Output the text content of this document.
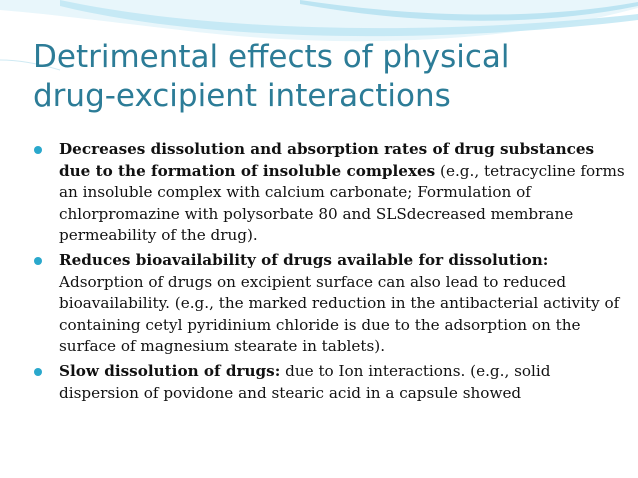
Detrimental effects of physical
drug-excipient interactions
Decreases dissolution and absorption rates of drug substances due to the formation of insoluble complexes (e.g., tetracycline forms an insoluble complex with calcium carbonate; Formulation of chlorpromazine with polysorbate 80 and SLSdecreased membrane permeability of the drug).
Reduces bioavailability of drugs available for dissolution: Adsorption of drugs on excipient surface can also lead to reduced bioavailability. (e.g., the marked reduction in the antibacterial activity of containing cetyl pyridinium chloride is due to the adsorption on the surface of magnesium stearate in tablets).
Slow dissolution of drugs: due to Ion interactions. (e.g., solid dispersion of povidone and stearic acid in a capsule showed
